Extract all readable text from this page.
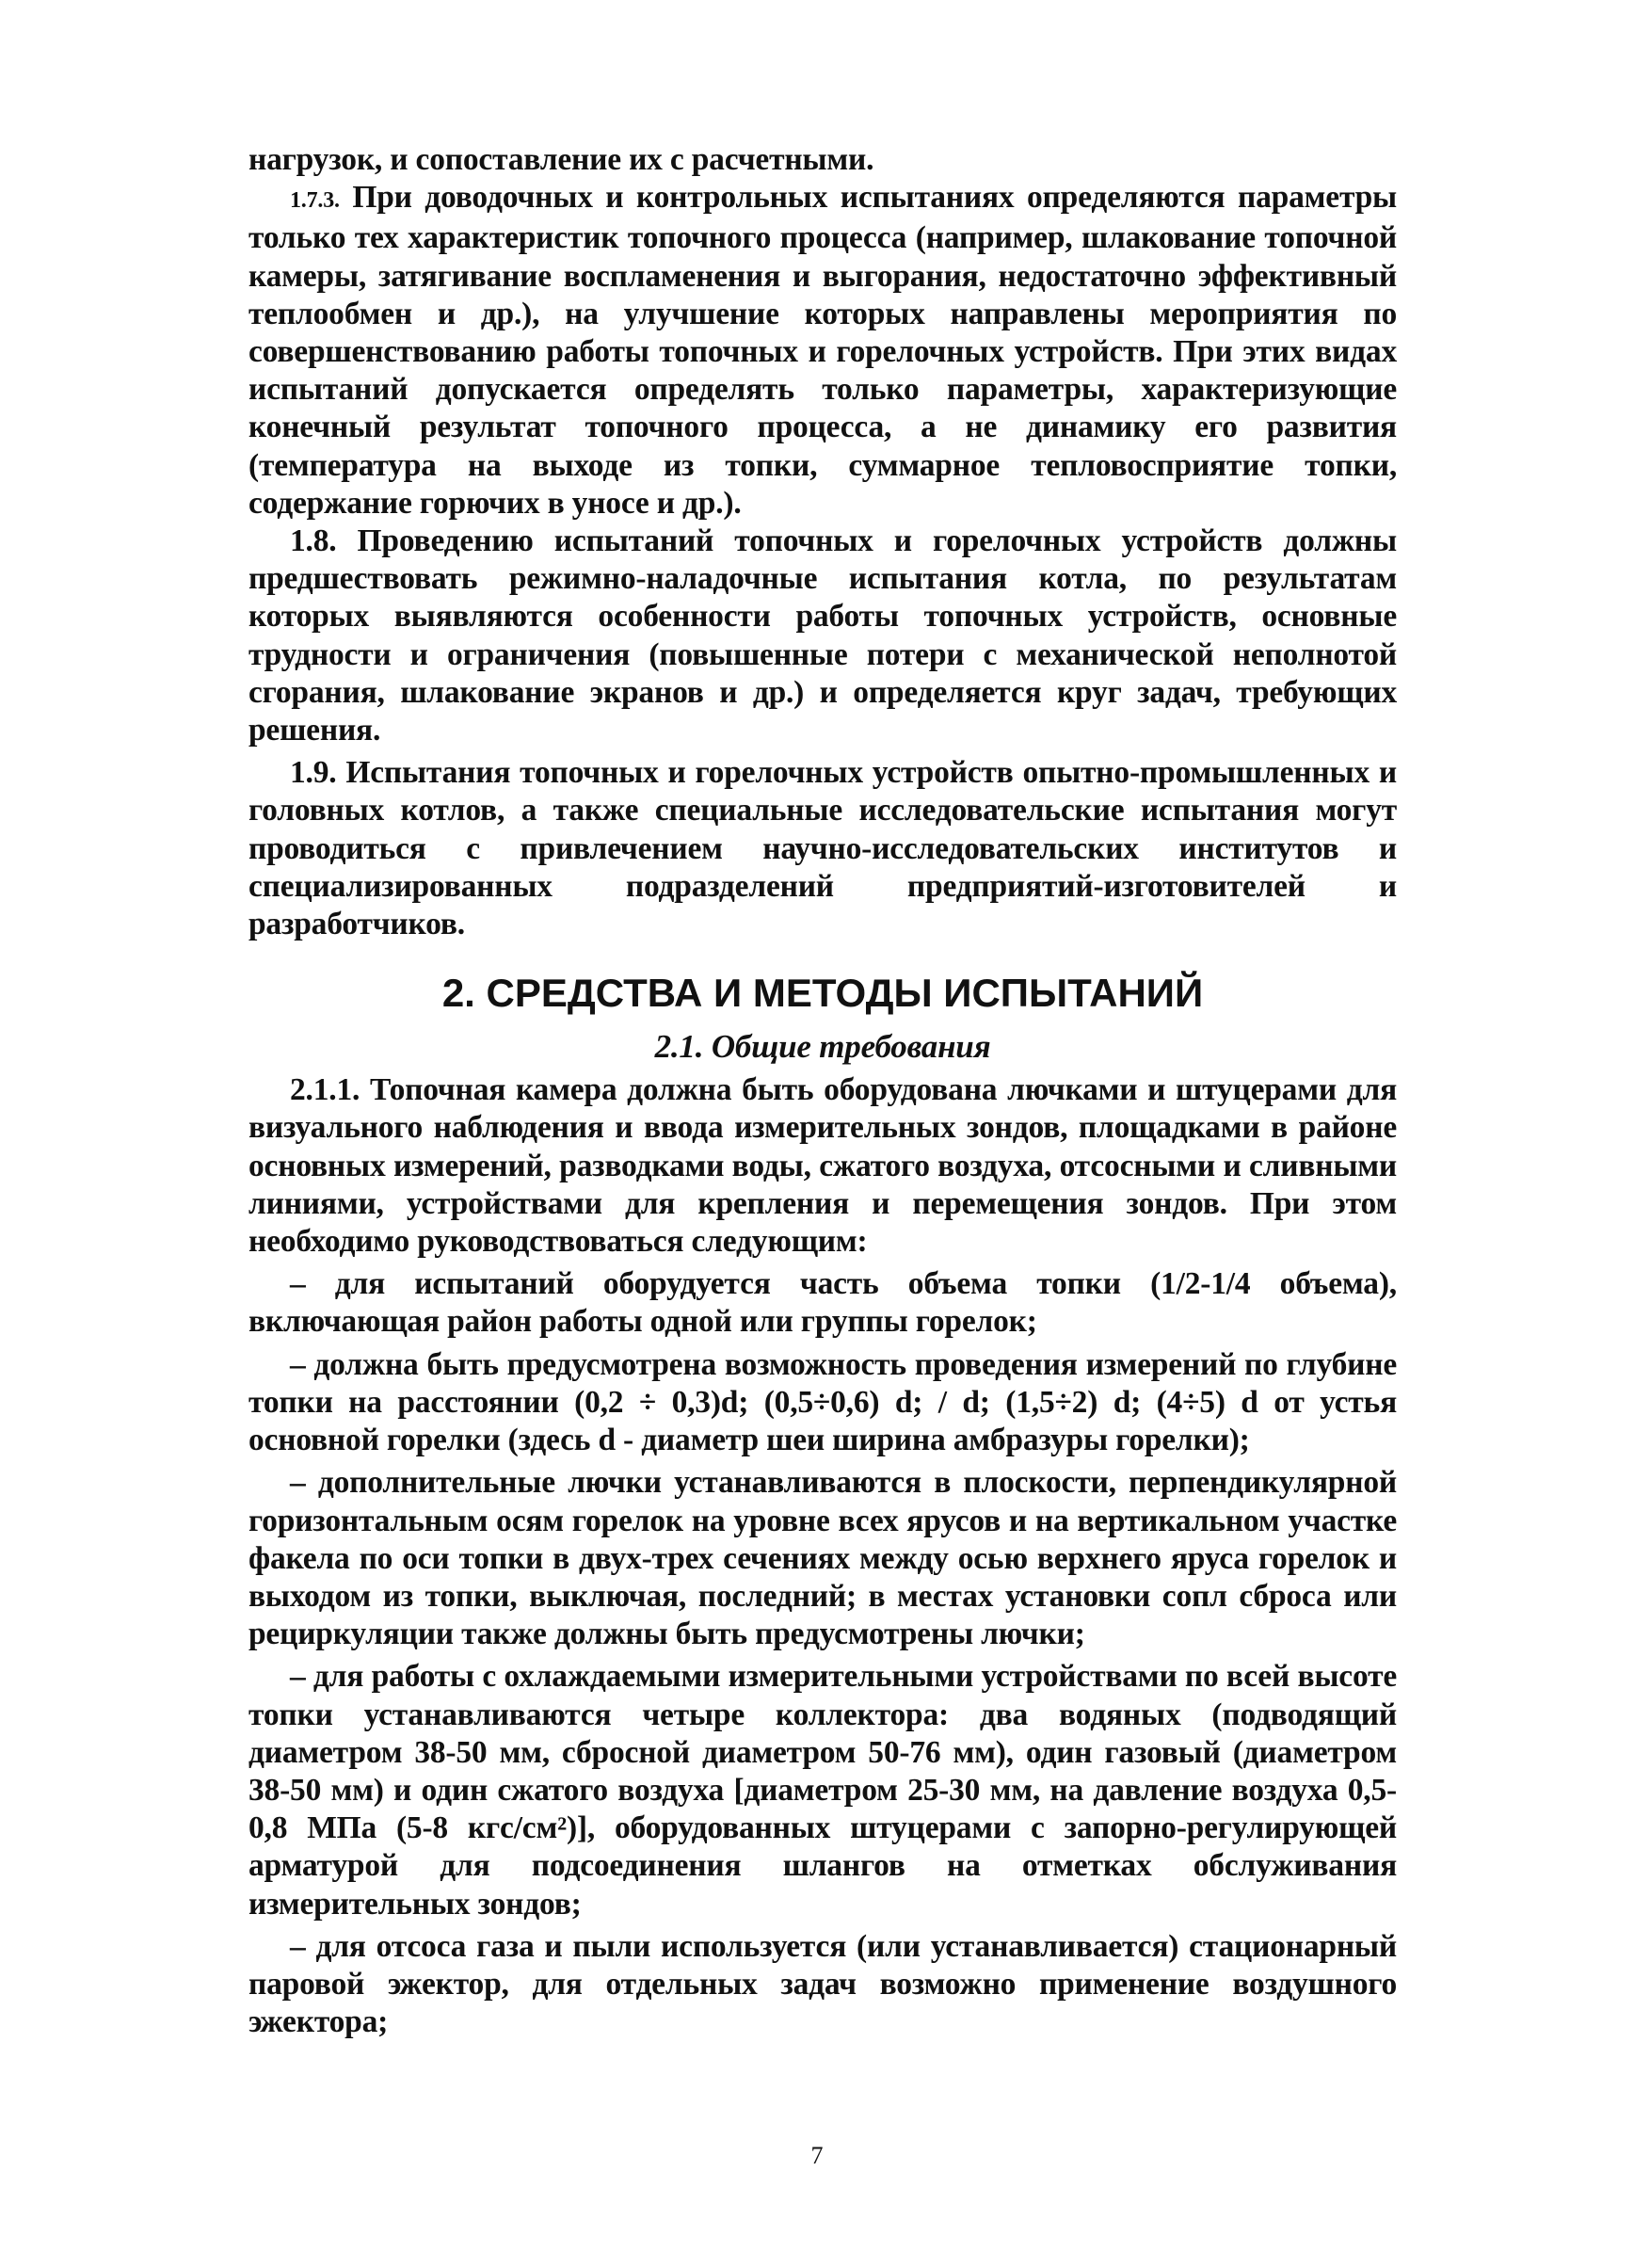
нагрузок, и сопоставление их с расчетными.

1.7.3. При доводочных и контрольных испытаниях определяются параметры только тех характеристик топочного процесса (например, шлакование топочной камеры, затягивание воспламенения и выгорания, недостаточно эффективный теплообмен и др.), на улучшение которых направлены мероприятия по совершенствованию работы топочных и горелочных устройств. При этих видах испытаний допускается определять только параметры, характеризующие конечный результат топочного процесса, а не динамику его развития (температура на выходе из топки, суммарное тепловосприятие топки, содержание горючих в уносе и др.).

1.8. Проведению испытаний топочных и горелочных устройств должны предшествовать режимно-наладочные испытания котла, по результатам которых выявляются особенности работы топочных устройств, основные трудности и ограничения (повышенные потери с механической неполнотой сгорания, шлакование экранов и др.) и определяется круг задач, требующих решения.

1.9. Испытания топочных и горелочных устройств опытно-промышленных и головных котлов, а также специальные исследовательские испытания могут проводиться с привлечением научно-исследовательских институтов и специализированных подразделений предприятий-изготовителей и разработчиков.

2. СРЕДСТВА И МЕТОДЫ ИСПЫТАНИЙ
2.1. Общие требования

2.1.1. Топочная камера должна быть оборудована лючками и штуцерами для визуального наблюдения и ввода измерительных зондов, площадками в районе основных измерений, разводками воды, сжатого воздуха, отсосными и сливными линиями, устройствами для крепления и перемещения зондов. При этом необходимо руководствоваться следующим:

– для испытаний оборудуется часть объема топки (1/2-1/4 объема), включающая район работы одной или группы горелок;

– должна быть предусмотрена возможность проведения измерений по глубине топки на расстоянии (0,2 ÷ 0,3)d; (0,5÷0,6) d; / d; (1,5÷2) d; (4÷5) d от устья основной горелки (здесь d - диаметр шеи ширина амбразуры горелки);

– дополнительные лючки устанавливаются в плоскости, перпендикулярной горизонтальным осям горелок на уровне всех ярусов и на вертикальном участке факела по оси топки в двух-трех сечениях между осью верхнего яруса горелок и выходом из топки, выключая, последний; в местах установки сопл сброса или рециркуляции также должны быть предусмотрены лючки;

– для работы с охлаждаемыми измерительными устройствами по всей высоте топки устанавливаются четыре коллектора: два водяных (подводящий диаметром 38-50 мм, сбросной диаметром 50-76 мм), один газовый (диаметром 38-50 мм) и один сжатого воздуха [диаметром 25-30 мм, на давление воздуха 0,5-0,8 МПа (5-8 кгс/см²)], оборудованных штуцерами с запорно-регулирующей арматурой для подсоединения шлангов на отметках обслуживания измерительных зондов;

– для отсоса газа и пыли используется (или устанавливается) стационарный паровой эжектор, для отдельных задач возможно применение воздушного эжектора;

7
